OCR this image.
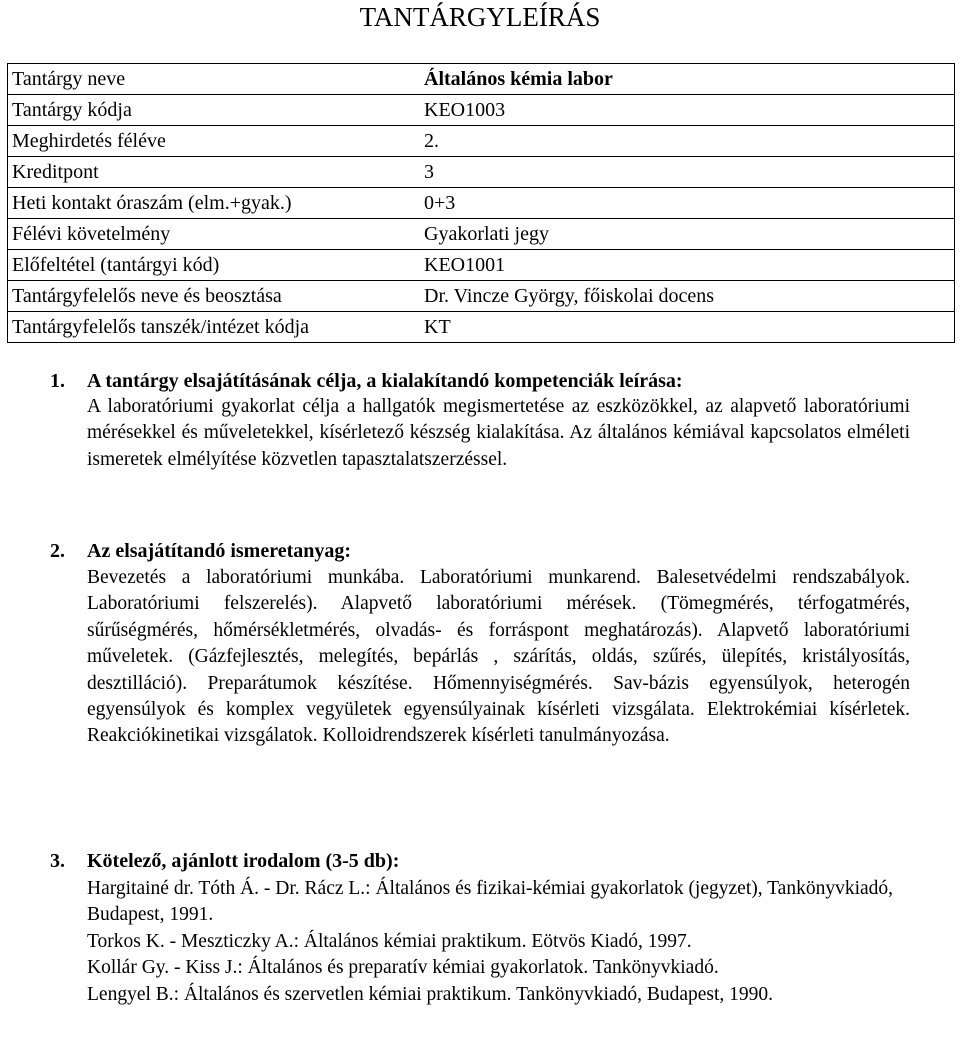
TANTÁRGYLEÍRÁS
Tantárgy neve	Általános kémia labor
Tantárgy kódja	KEO1003
Meghirdetés féléve	2.
Kreditpont	3
Heti kontakt óraszám (elm.+gyak.)	0+3
Félévi követelmény	Gyakorlati jegy
Előfeltétel (tantárgyi kód)	KEO1001
Tantárgyfelelős neve és beosztása	Dr. Vincze György, főiskolai docens
Tantárgyfelelős tanszék/intézet kódja	KT
1. A tantárgy elsajátításának célja, a kialakítandó kompetenciák leírása:
A laboratóriumi gyakorlat célja a hallgatók megismertetése az eszközökkel, az alapvető laboratóriumi mérésekkel és műveletekkel, kísérletező készség kialakítása. Az általános kémiával kapcsolatos elméleti ismeretek elmélyítése közvetlen tapasztalatszerzéssel.
2. Az elsajátítandó ismeretanyag:
Bevezetés a laboratóriumi munkába. Laboratóriumi munkarend. Balesetvédelmi rendszabályok. Laboratóriumi felszerelés). Alapvető laboratóriumi mérések. (Tömegmérés, térfogatmérés, sűrűségmérés, hőmérsékletmérés, olvadás- és forráspont meghatározás). Alapvető laboratóriumi műveletek. (Gázfejlesztés, melegítés, bepárlás , szárítás, oldás, szűrés, ülepítés, kristályosítás, desztilláció). Preparátumok készítése. Hőmennyiségmérés. Sav-bázis egyensúlyok, heterogén egyensúlyok és komplex vegyületek egyensúlyainak kísérleti vizsgálata. Elektrokémiai kísérletek. Reakciókinetikai vizsgálatok. Kolloidrendszerek kísérleti tanulmányozása.
3. Kötelező, ajánlott irodalom (3-5 db):
Hargitainé dr. Tóth Á. - Dr. Rácz L.: Általános és fizikai-kémiai gyakorlatok (jegyzet), Tankönyvkiadó, Budapest, 1991.
Torkos K. - Meszticzky A.: Általános kémiai praktikum. Eötvös Kiadó, 1997.
Kollár Gy. - Kiss J.: Általános és preparatív kémiai gyakorlatok. Tankönyvkiadó.
Lengyel B.: Általános és szervetlen kémiai praktikum. Tankönyvkiadó, Budapest, 1990.
